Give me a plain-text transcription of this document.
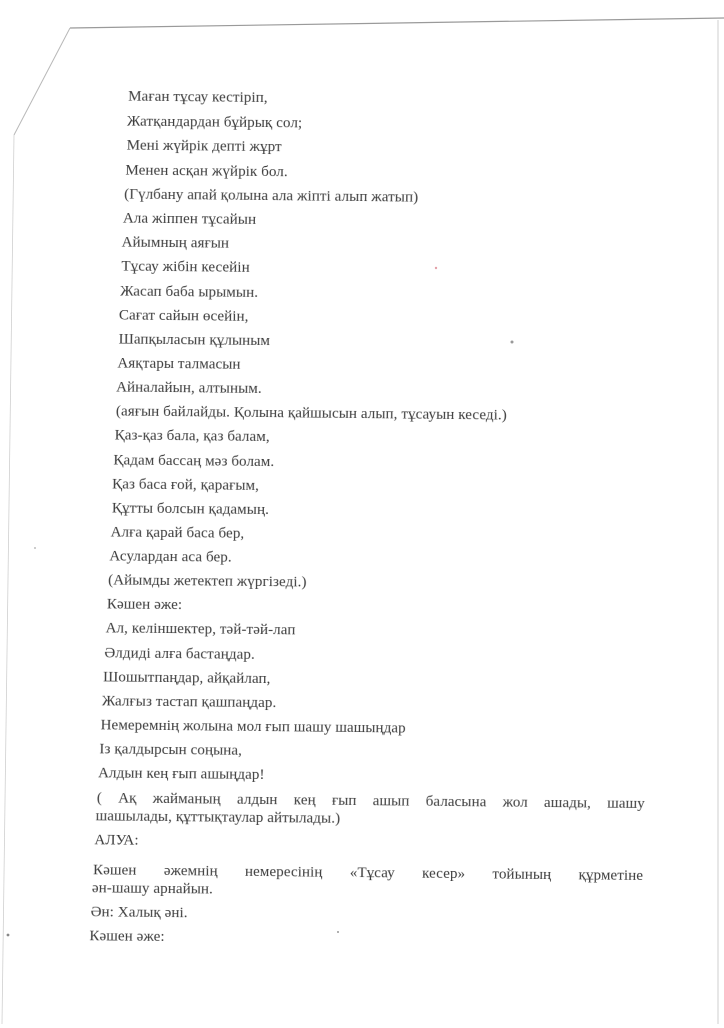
Маған тұсау кестіріп,
Жатқандардан бұйрық сол;
Мені жүйрік депті жұрт
Менен асқан жүйрік бол.
(Гүлбану апай қолына ала жіпті алып жатып)
Ала жіппен тұсайын
Айымның аяғын
Тұсау жібін кесейін
Жасап баба ырымын.
Сағат сайын өсейін,
Шапқыласын құлыным
Аяқтары талмасын
Айналайын, алтыным.
(аяғын байлайды. Қолына қайшысын алып, тұсауын кеседі.)
Қаз-қаз бала, қаз балам,
Қадам бассаң мәз болам.
Қаз баса ғой, қарағым,
Құтты болсын қадамың.
Алға қарай баса бер,
Асулардан аса бер.
(Айымды жетектеп жүргізеді.)
Кәшен әже:
Ал, келіншектер, тәй-тәй-лап
Әлдиді алға бастаңдар.
Шошытпаңдар, айқайлап,
Жалғыз тастап қашпаңдар.
Немеремнің жолына мол ғып шашу шашыңдар
Із қалдырсын соңына,
Алдын кең ғып ашыңдар!
( Ақ жайманың алдын кең ғып ашып баласына жол ашады, шашу
шашылады, құттықтаулар айтылады.)
АЛУА:
Кәшен әжемнің немересінің «Тұсау кесер» тойының құрметіне
ән-шашу арнайын.
Ән: Халық әні.
Кәшен әже:
